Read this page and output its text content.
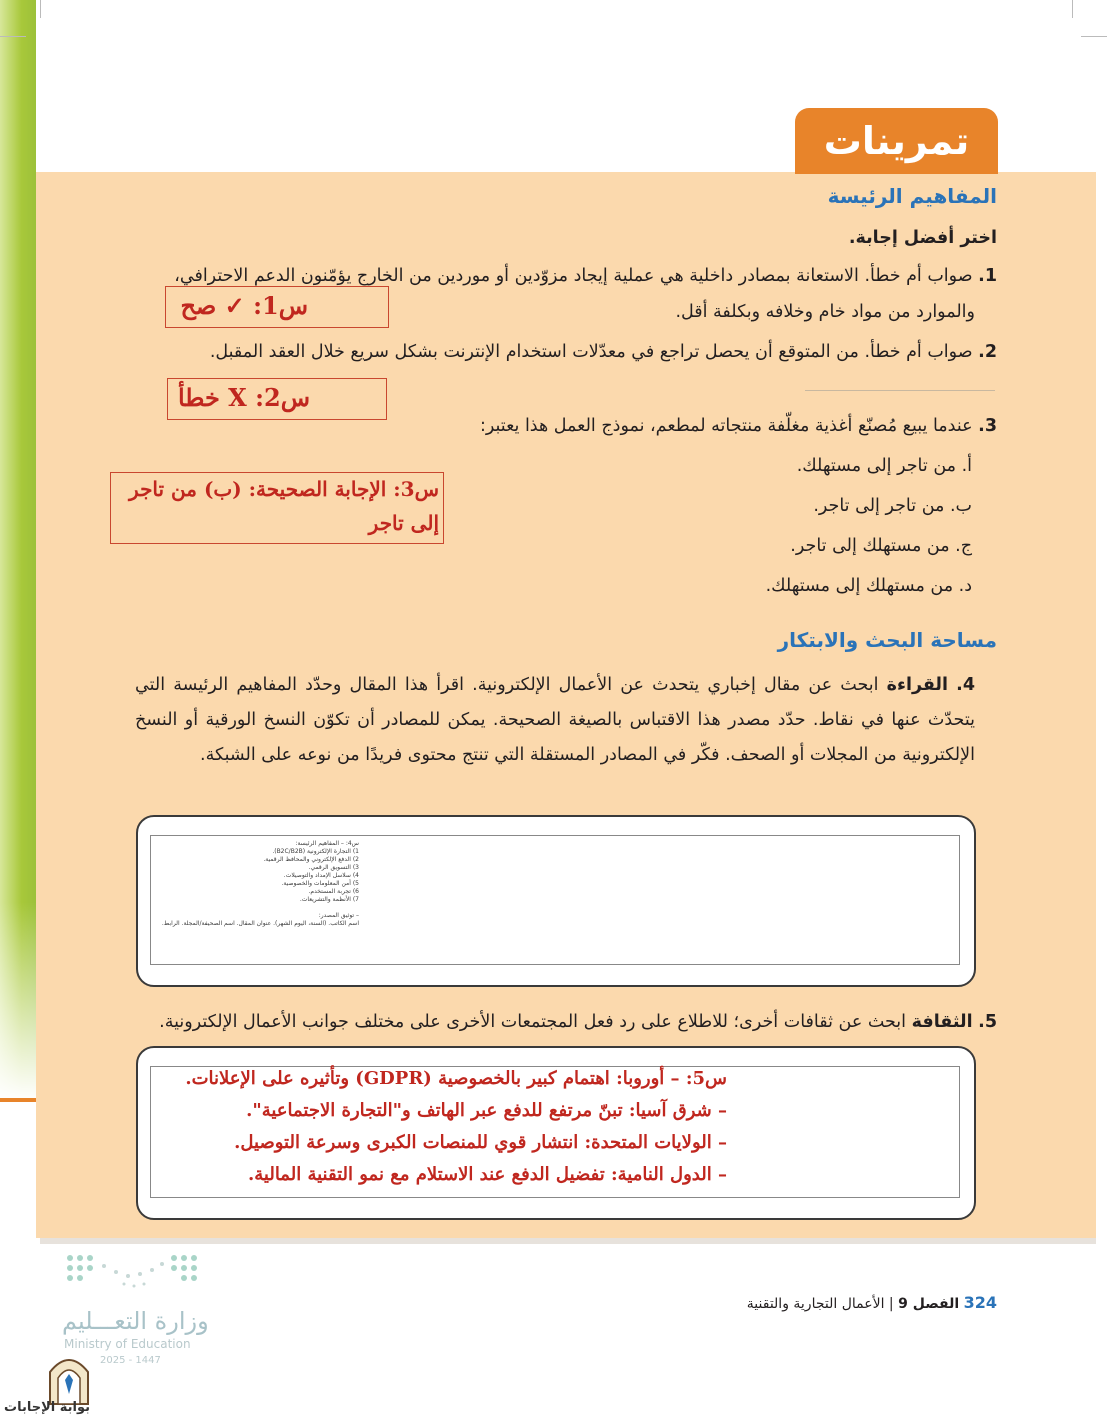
تمرينات
المفاهيم الرئيسة
اختر أفضل إجابة.
1. صواب أم خطأ. الاستعانة بمصادر داخلية هي عملية إيجاد مزوّدين أو موردين من الخارج يؤمّنون الدعم الاحترافي،
والموارد من مواد خام وخلافه وبكلفة أقل.
س1: ✓ صح
2. صواب أم خطأ. من المتوقع أن يحصل تراجع في معدّلات استخدام الإنترنت بشكل سريع خلال العقد المقبل.
س2: X خطأ
3. عندما يبيع مُصنّع أغذية مغلّفة منتجاته لمطعم، نموذج العمل هذا يعتبر:
أ. من تاجر إلى مستهلك.
ب. من تاجر إلى تاجر.
ج. من مستهلك إلى تاجر.
د. من مستهلك إلى مستهلك.
س3: الإجابة الصحيحة: (ب) من تاجر
إلى تاجر
مساحة البحث والابتكار
4. القراءة ابحث عن مقال إخباري يتحدث عن الأعمال الإلكترونية. اقرأ هذا المقال وحدّد المفاهيم الرئيسة التي يتحدّث عنها في نقاط. حدّد مصدر هذا الاقتباس بالصيغة الصحيحة. يمكن للمصادر أن تكوّن النسخ الورقية أو النسخ الإلكترونية من المجلات أو الصحف. فكّر في المصادر المستقلة التي تنتج محتوى فريدًا من نوعه على الشبكة.
س4: – المفاهيم الرئيسة:
1) التجارة الإلكترونية (B2C/B2B).
2) الدفع الإلكتروني والمحافظ الرقمية.
3) التسويق الرقمي.
4) سلاسل الإمداد والتوصيلات.
5) أمن المعلومات والخصوصية.
6) تجربة المستخدم.
7) الأنظمة والتشريعات.
– توثيق المصدر:
اسم الكاتب. (السنة، اليوم الشهر). عنوان المقال. اسم الصحيفة/المجلة. الرابط.
5. الثقافة ابحث عن ثقافات أخرى؛ للاطلاع على رد فعل المجتمعات الأخرى على مختلف جوانب الأعمال الإلكترونية.
س5: – أوروبا: اهتمام كبير بالخصوصية (GDPR) وتأثيره على الإعلانات.
– شرق آسيا: تبنّ مرتفع للدفع عبر الهاتف و"التجارة الاجتماعية".
– الولايات المتحدة: انتشار قوي للمنصات الكبرى وسرعة التوصيل.
– الدول النامية: تفضيل الدفع عند الاستلام مع نمو التقنية المالية.
324 الفصل 9 | الأعمال التجارية والتقنية
وزارة التعـــليم
Ministry of Education
2025 - 1447
بوابة الإجابات
